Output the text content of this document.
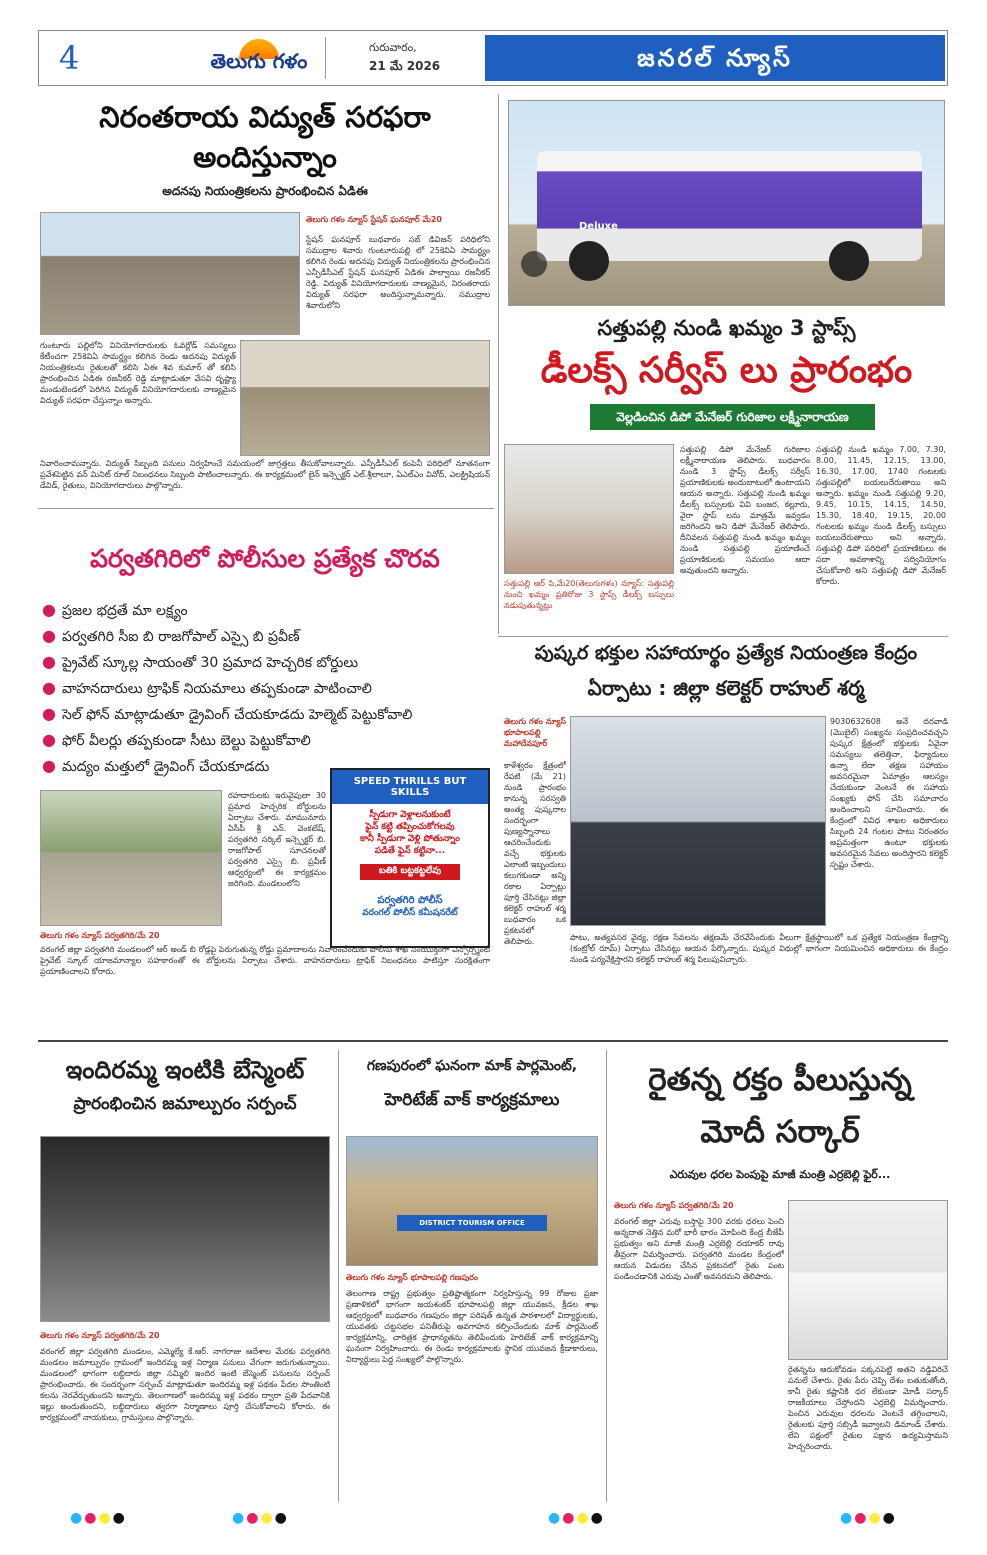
4	తెలుగు గళం
గురువారం,
21 మే 2026	జనరల్ న్యూస్
నిరంతరాయ విద్యుత్ సరఫరా
అందిస్తున్నాం
అదనపు నియంత్రికలను ప్రారంభించిన ఏడిఈ
తెలుగు గళం న్యూస్ స్టేషన్ ఘనపూర్ మే20
స్టేషన్ ఘనపూర్ బుధవారం సబ్ డివిజన్ పరిధిలోని సముద్రాల శివారు గుంటూరుపల్లి లో 25కెవిఏ సామర్థ్యం కలిగిన రెండు అదనపు విద్యుత్ నియంత్రికలను ప్రారంభించిన ఎన్పీడీసీఎల్ స్టేషన్ ఘనపూర్ ఏడిఈ పాల్వాయి రజనీకర్ రెడ్డి. విద్యుత్ వినియోగదారులకు నాణ్యమైన, నిరంతరాయ విద్యుత్ సరఫరా అందిస్తున్నామన్నారు. సముద్రాల శివారులోని
గుంటూరు పల్లిలోని వినియోగదారులకు ఓవర్లోడ్ సమస్యలు కేటీంచగా 25కెవిఏ సామర్థ్యం కలిగిన రెండు అదనపు విద్యుత్ నియంత్రికలను రైతులతో కలిసి ఏఈ శివ కుమార్ తో కలిసి ప్రారంభించిన ఏడిఈ రజనీకర్ రెడ్డి మాట్లాడుతూ వేసవి దృష్ట్యా మండుటెండలో పెరిగిన విద్యుత్ వినియోగదారులకు నాణ్యమైన విద్యుత్ సరఫరా చేస్తున్నాం అన్నారు.
నివారించామన్నారు. విద్యుత్ సిబ్బంది పనులు నిర్వహించే సమయంలో జాగ్రత్తలు తీసుకోవాలన్నారు. ఎన్పీడీసీఎల్ కంపెనీ పరిధిలో నూతనంగా ప్రవేశపెట్టిన వన్ మినిట్ రూల్ నిబంధనలు సిబ్బంది పాటించాలన్నారు. ఈ కార్యక్రమంలో లైన్ ఇన్స్పెక్టర్ ఎల్.శ్రీలాలూ, ఏఎల్ఎం వినోద్, ఎలక్ట్రిషియన్ డేవిడ్, రైతులు, వినియోగదారులు పాల్గొన్నారు.
Deluxe
సత్తుపల్లి నుండి ఖమ్మం 3 స్టాప్స్
డీలక్స్ సర్వీస్ లు ప్రారంభం
వెల్లడించిన డిపో మేనేజర్ గురిజాల లక్ష్మీనారాయణ
సత్తుపల్లి ఆర్ సి,మే20(తెలుగుగళం) న్యూస్: సత్తుపల్లి నుంచి ఖమ్మం ప్రతిరోజు 3 స్టాప్స్ డీలక్స్ బస్సులు నడుపుతున్నట్లు
సత్తుపల్లి డిపో మేనేజర్ గురిజాల లక్ష్మీనారాయణ తెలిపారు. బుధవారం నుండి 3 స్టాప్స్ డీలక్స్ సర్వీస్ ప్రయాణికులకు అందుబాటులో ఉంటాయని ఆయన అన్నారు. సత్తుపల్లి నుండి ఖమ్మం డీలక్స్ బస్సులకు వివి బంజర, కల్లూరు, వైరా స్టాప్ లను మాత్రమే ఇవ్వడం జరిగిందని అని డిపో మేనేజర్ తెలిపారు. దీనివలన సత్తుపల్లి నుండి ఖమ్మం ఖమ్మం నుండి సత్తుపల్లి ప్రయాణించే ప్రయాణికులకు సమయం ఆదా అవుతుందని అన్నారు.
సత్తుపల్లి నుండి ఖమ్మం 7.00, 7.30, 8.00, 11.45, 12.15, 13.00, 16.30, 17.00, 1740 గంటలకు సత్తుపల్లిలో బయలుదేరుతాయి అని అన్నారు. ఖమ్మం నుండి సత్తుపల్లి 9.20, 9.45, 10.15, 14.15, 14.50, 15.30, 18.40, 19.15, 20.00 గంటలకు ఖమ్మం నుండి డీలక్స్ బస్సులు బయలుదేరుతాయి అని అన్నారు. సత్తుపల్లి డిపో పరిధిలో ప్రయాణికులు ఈ సదా అవకాశాన్ని సద్వినియోగం చేసుకోవాలి అని సత్తుపల్లి డిపో మేనేజర్ కోరారు.
పర్వతగిరిలో పోలీసుల ప్రత్యేక చొరవ
● ప్రజల భద్రతే మా లక్ష్యం
● పర్వతగిరి సీఐ బి రాజగోపాల్ ఎస్సై బి ప్రవీణ్
● ప్రైవేట్ స్కూల్ల సాయంతో 30 ప్రమాద హెచ్చరిక బోర్డులు
● వాహనదారులు ట్రాఫిక్ నియమాలు తప్పకుండా పాటించాలి
● సెల్ ఫోన్ మాట్లాడుతూ డ్రైవింగ్ చేయకూడదు హెల్మెట్ పెట్టుకోవాలి
● ఫోర్ వీలర్లు తప్పకుండా సీటు బెల్టు పెట్టుకోవాలి
● మద్యం మత్తులో డ్రైవింగ్ చేయకూడదు
తెలుగు గళం న్యూస్ పర్వతగిరి/మే 20
రహదారులకు ఇరువైపులా 30 ప్రమాద హెచ్చరిక బోర్డులను ఏర్పాటు చేశారు. మామునూరు ఏసీపీ శ్రీ ఎన్. వెంకటేష్, పర్వతగిరి సర్కిల్ ఇన్స్పెక్టర్ బి. రాజగోపాల్ సూచనలతో పర్వతగిరి ఎస్సై బి. ప్రవీణ్ ఆధ్వర్యంలో ఈ కార్యక్రమం జరిగింది. మండలంలోని
SPEED THRILLS BUT SKILLS
స్పీడుగా వెళ్లాలనుకుంటే
ఫైన్ కట్టి తప్పించుకోగలవు
కానీ స్పీడుగా వెళ్లి పోతున్నాం
పడితే ఫైన్ కట్టినా...
బతికి బట్టకట్టలేవు
పర్వతగిరి పోలీస్
వరంగల్ పోలీస్ కమీషనరేట్
వరంగల్ జిల్లా పర్వతగిరి మండలంలో ఆర్ అండ్ బి రోడ్లపై పెరుగుతున్న రోడ్డు ప్రమాదాలను నివారించేందుకు పోలీసు శాఖ సంయుక్తంగా ఎన్పోర్స్మెంట్ ప్రైవేట్ స్కూల్ యాజమాన్యాల సహకారంతో ఈ బోర్డులను ఏర్పాటు చేశారు. వాహనదారులు ట్రాఫిక్ నిబంధనలు పాటిస్తూ సురక్షితంగా ప్రయాణించాలని కోరారు.
పుష్కర భక్తుల సహాయార్థం ప్రత్యేక నియంత్రణ కేంద్రం
ఏర్పాటు : జిల్లా కలెక్టర్ రాహుల్ శర్మ
తెలుగు గళం న్యూస్ భూపాలపల్లి మహాదేవపూర్
కాళేశ్వరం క్షేత్రంలో రేపటి (మే 21) నుండి ప్రారంభం కానున్న సరస్వతి అంత్య పుష్కరాల సందర్భంగా పుణ్యస్నానాలు ఆచరించేందుకు వచ్చే భక్తులకు ఎలాంటి ఇబ్బందులు కలుగకుండా అన్ని రకాల ఏర్పాట్లు పూర్తి చేసినట్లు జిల్లా కలెక్టర్ రాహుల్ శర్మ బుధవారం ఒక ప్రకటనలో తెలిపారు.
9030632608 అనే దరవాడి (మొబైల్) సంఖ్యను సంప్రదించవచ్చని పుష్కర క్షేత్రంలో భక్తులకు ఏవైనా సమస్యలు తలెత్తినా, ఫిర్యాదులు ఉన్నా లేదా తక్షణ సహాయం అవసరమైనా ఏమాత్రం ఆలస్యం చేయకుండా వెంటనే ఈ సహాయ సంఖ్యకు ఫోన్ చేసి సమాచారం అందించాలని సూచించారు. ఈ కేంద్రంలో వివిధ శాఖల అధికారులు సిబ్బంది 24 గంటల పాటు నిరంతరం అప్రమత్తంగా ఉంటూ భక్తులకు అవసరమైన సేవలు అందిస్తారని కలెక్టర్ స్పష్టం చేశారు.
పాటు, అత్యవసర వైద్య, రక్షణ సేవలను తక్షణమే చేరవేసేందుకు వీలుగా క్షేత్రస్థాయిలో ఒక ప్రత్యేక నియంత్రణ కేంద్రాన్ని (కంట్రోల్ రూమ్) ఏర్పాటు చేసినట్లు ఆయన పేర్కొన్నారు. పుష్కర విధుల్లో భాగంగా నియమించిన అధికారులు ఈ కేంద్రం నుండి పర్యవేక్షిస్తారని కలెక్టర్ రాహుల్ శర్మ పిలుపునిచ్చారు.
ఇందిరమ్మ ఇంటికి బేస్మెంట్
ప్రారంభించిన జమాల్పురం సర్పంచ్
తెలుగు గళం న్యూస్ పర్వతగిరి/మే 20
వరంగల్ జిల్లా పర్వతగిరి మండలం, ఎమ్మెల్యే కే.ఆర్. నాగరాజు ఆదేశాల మేరకు పర్వతగిరి మండలం జమాల్పురం గ్రామంలో ఇందిరమ్మ ఇళ్ల నిర్మాణ పనులు వేగంగా జరుగుతున్నాయి. మండలంలో భాగంగా లబ్ధిదారు జిల్లా సమ్మిలి ఇందిర ఇంటి బేస్మెంట్ పనులను సర్పంచ్ ప్రారంభించారు. ఈ సందర్భంగా సర్పంచ్ మాట్లాడుతూ ఇందిరమ్మ ఇళ్ల పథకం పేదల సొంతింటి కలను నెరవేర్చుతుందని అన్నారు. తెలంగాణలో ఇందిరమ్మ ఇళ్ల పథకం ద్వారా ప్రతి పేదవానికి ఇల్లు అందుతుందని, లబ్ధిదారులు త్వరగా నిర్మాణాలు పూర్తి చేసుకోవాలని కోరారు. ఈ కార్యక్రమంలో నాయకులు, గ్రామస్తులు పాల్గొన్నారు.
గణపురంలో ఘనంగా మాక్ పార్లమెంట్,
హెరిటేజ్ వాక్ కార్యక్రమాలు
DISTRICT TOURISM OFFICE
తెలుగు గళం న్యూస్ భూపాలపల్లి గణపురం
తెలంగాణ రాష్ట్ర ప్రభుత్వం ప్రతిష్టాత్మకంగా నిర్వహిస్తున్న 99 రోజుల ప్రజా ప్రణాళికలో భాగంగా జయశంకర్ భూపాలపల్లి జిల్లా యువజన, క్రీడల శాఖ ఆధ్వర్యంలో బుధవారం గణపురం జిల్లా పరిషత్ ఉన్నత పాఠశాలలో విద్యార్థులకు, యువతకు చట్టసభల పనితీరుపై అవగాహన కల్పించేందుకు మాక్ పార్లమెంట్ కార్యక్రమాన్ని, చారిత్రక ప్రాధాన్యతను తెలిపేందుకు హెరిటేజ్ వాక్ కార్యక్రమాన్ని ఘనంగా నిర్వహించారు. ఈ రెండు కార్యక్రమాలకు స్థానిక యువజన క్రీడాకారులు, విద్యార్థులు పెద్ద సంఖ్యలో పాల్గొన్నారు.
రైతన్న రక్తం పీలుస్తున్న
మోదీ సర్కార్
ఎరువుల ధరల పెంపుపై మాజీ మంత్రి ఎర్రబెల్లి ఫైర్...
తెలుగు గళం న్యూస్ పర్వతగిరి/మే 20
వరంగల్ జిల్లా ఎరువు బస్తాపై 300 వరకు ధరలు పెంచి అన్నదాత నెత్తిన మరో భారీ భారం మోపింది కేంద్ర బీజేపీ ప్రభుత్వం అని మాజీ మంత్రి ఎర్రబెల్లి దయాకర్ రావు తీవ్రంగా విమర్శించారు. పర్వతగిరి మండల కేంద్రంలో ఆయన విడుదల చేసిన ప్రకటనలో రైతు పంట పండించడానికి ఎరువు ఎంతో అవసరమని తెలిపారు.
రైతన్నను ఆదుకోవడం పక్కనపెట్టి అతని నడ్డివిరిచే పనులే చేశారు. రైతు పేరు చెప్పి దేశం బతుకుతోంది, కానీ రైతు కష్టానికి ధర లేకుండా మోడీ సర్కార్ రాజకీయాలు చేస్తోందని ఎర్రబెల్లి విమర్శించారు. పెంచిన ఎరువుల ధరలను వెంటనే తగ్గించాలని, రైతులకు పూర్తి సబ్సిడీ ఇవ్వాలని డిమాండ్ చేశారు. లేని పక్షంలో రైతుల పక్షాన ఉద్యమిస్తామని హెచ్చరించారు.
●●●●	●●●●	●●●●	●●●●
